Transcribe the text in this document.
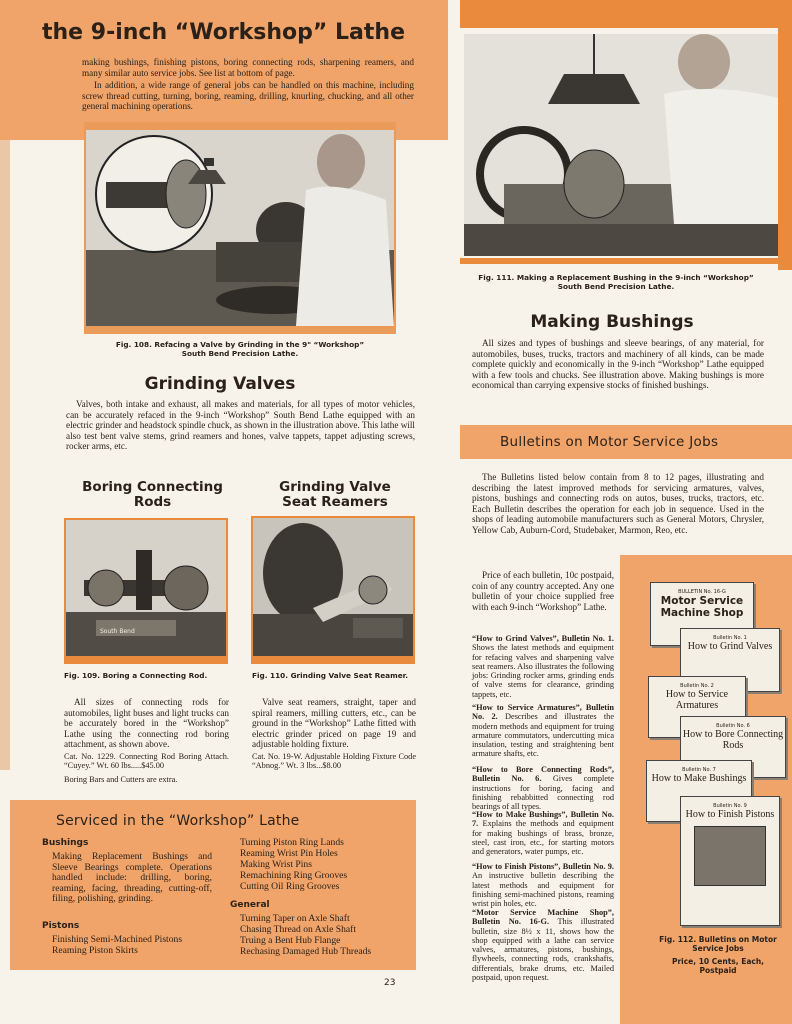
the 9-inch “Workshop” Lathe
making bushings, finishing pistons, boring connecting rods, sharpening reamers, and many similar auto service jobs. See list at bottom of page.
In addition, a wide range of general jobs can be handled on this machine, including screw thread cutting, turning, boring, reaming, drilling, knurling, chucking, and all other general machining operations.
Fig. 108. Refacing a Valve by Grinding in the 9" “Workshop” South Bend Precision Lathe.
Grinding Valves
Valves, both intake and exhaust, all makes and materials, for all types of motor vehicles, can be accurately refaced in the 9-inch “Workshop” South Bend Lathe equipped with an electric grinder and headstock spindle chuck, as shown in the illustration above. This lathe will also test bent valve stems, grind reamers and hones, valve tappets, tappet adjusting screws, rocker arms, etc.
Boring Connecting Rods
South Bend
Fig. 109. Boring a Connecting Rod.
All sizes of connecting rods for automobiles, light buses and light trucks can be accurately bored in the “Workshop” Lathe using the connecting rod boring attachment, as shown above.
Cat. No. 1229. Connecting Rod Boring Attach. “Cuyey.” Wt. 60 lbs.....$45.00
Boring Bars and Cutters are extra.
Grinding Valve Seat Reamers
Fig. 110. Grinding Valve Seat Reamer.
Valve seat reamers, straight, taper and spiral reamers, milling cutters, etc., can be ground in the “Workshop” Lathe fitted with electric grinder priced on page 19 and adjustable holding fixture.
Cat. No. 19-W. Adjustable Holding Fixture Code “Abnog.” Wt. 3 lbs...$8.00
Serviced in the “Workshop” Lathe
Bushings
Making Replacement Bushings and Sleeve Bearings complete. Operations handled include: drilling, boring, reaming, facing, threading, cutting-off, filing, polishing, grinding.
Pistons
Finishing Semi-Machined Pistons
Reaming Piston Skirts
Turning Piston Ring Lands
Reaming Wrist Pin Holes
Making Wrist Pins
Remachining Ring Grooves
Cutting Oil Ring Grooves
General
Turning Taper on Axle Shaft
Chasing Thread on Axle Shaft
Truing a Bent Hub Flange
Rechasing Damaged Hub Threads
23
Fig. 111. Making a Replacement Bushing in the 9-inch “Workshop” South Bend Precision Lathe.
Making Bushings
All sizes and types of bushings and sleeve bearings, of any material, for automobiles, buses, trucks, tractors and machinery of all kinds, can be made complete quickly and economically in the 9-inch “Workshop” Lathe equipped with a few tools and chucks. See illustration above. Making bushings is more economical than carrying expensive stocks of finished bushings.
Bulletins on Motor Service Jobs
The Bulletins listed below contain from 8 to 12 pages, illustrating and describing the latest improved methods for servicing armatures, valves, pistons, bushings and connecting rods on autos, buses, trucks, tractors, etc. Each Bulletin describes the operation for each job in sequence. Used in the shops of leading automobile manufacturers such as General Motors, Chrysler, Yellow Cab, Auburn-Cord, Studebaker, Marmon, Reo, etc.
Price of each bulletin, 10c postpaid, coin of any country accepted. Any one bulletin of your choice supplied free with each 9-inch “Workshop” Lathe.
“How to Grind Valves”, Bulletin No. 1. Shows the latest methods and equipment for refacing valves and sharpening valve seat reamers. Also illustrates the following jobs: Grinding rocker arms, grinding ends of valve stems for clearance, grinding tappets, etc.
“How to Service Armatures”, Bulletin No. 2. Describes and illustrates the modern methods and equipment for truing armature commutators, undercutting mica insulation, testing and straightening bent armature shafts, etc.
“How to Bore Connecting Rods”, Bulletin No. 6. Gives complete instructions for boring, facing and finishing rebabbitted connecting rod bearings of all types.
“How to Make Bushings”, Bulletin No. 7. Explains the methods and equipment for making bushings of brass, bronze, steel, cast iron, etc., for starting motors and generators, water pumps, etc.
“How to Finish Pistons”, Bulletin No. 9. An instructive bulletin describing the latest methods and equipment for finishing semi-machined pistons, reaming wrist pin holes, etc.
“Motor Service Machine Shop”, Bulletin No. 16-G. This illustrated bulletin, size 8½ x 11, shows how the shop equipped with a lathe can service valves, armatures, pistons, bushings, flywheels, connecting rods, crankshafts, differentials, brake drums, etc. Mailed postpaid, upon request.
BULLETIN No. 16-G
Motor Service Machine Shop
Bulletin No. 1
How to Grind Valves
Bulletin No. 2
How to Service Armatures
Bulletin No. 6
How to Bore Connecting Rods
Bulletin No. 7
How to Make Bushings
Bulletin No. 9
How to Finish Pistons
Fig. 112. Bulletins on Motor Service Jobs
Price, 10 Cents, Each, Postpaid
